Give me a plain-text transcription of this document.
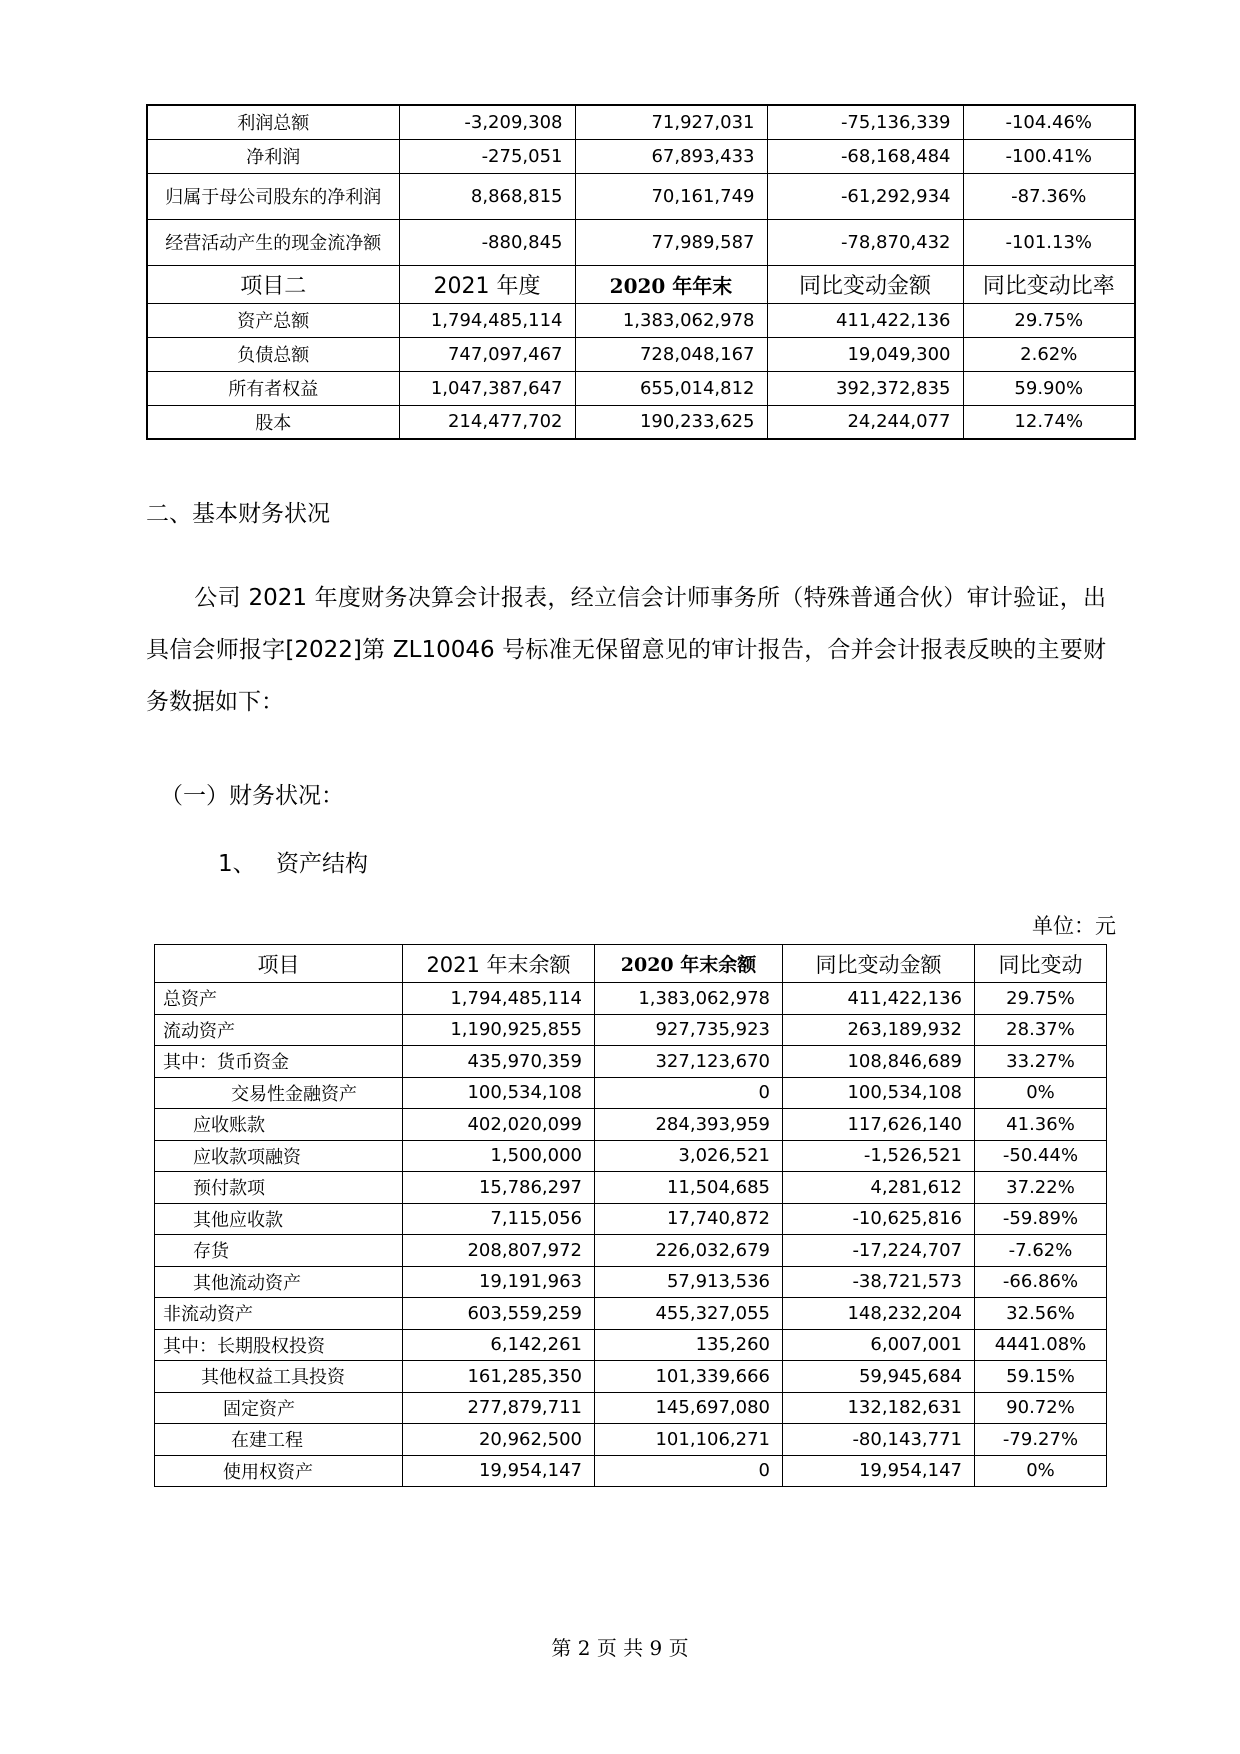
利润总额	-3,209,308	71,927,031	-75,136,339	-104.46%
净利润	-275,051	67,893,433	-68,168,484	-100.41%
归属于母公司股东的净利润	8,868,815	70,161,749	-61,292,934	-87.36%
经营活动产生的现金流净额	-880,845	77,989,587	-78,870,432	-101.13%
项目二	2021 年度	2020 年年末	同比变动金额	同比变动比率
资产总额	1,794,485,114	1,383,062,978	411,422,136	29.75%
负债总额	747,097,467	728,048,167	19,049,300	2.62%
所有者权益	1,047,387,647	655,014,812	392,372,835	59.90%
股本	214,477,702	190,233,625	24,244,077	12.74%
二、基本财务状况
公司 2021 年度财务决算会计报表，经立信会计师事务所（特殊普通合伙）审计验证，出具信会师报字[2022]第 ZL10046 号标准无保留意见的审计报告，合并会计报表反映的主要财务数据如下：
（一）财务状况：
1、 资产结构
单位：元
项目	2021 年末余额	2020 年末余额	同比变动金额	同比变动
总资产	1,794,485,114	1,383,062,978	411,422,136	29.75%
流动资产	1,190,925,855	927,735,923	263,189,932	28.37%
其中：货币资金	435,970,359	327,123,670	108,846,689	33.27%
交易性金融资产	100,534,108	0	100,534,108	0%
应收账款	402,020,099	284,393,959	117,626,140	41.36%
应收款项融资	1,500,000	3,026,521	-1,526,521	-50.44%
预付款项	15,786,297	11,504,685	4,281,612	37.22%
其他应收款	7,115,056	17,740,872	-10,625,816	-59.89%
存货	208,807,972	226,032,679	-17,224,707	-7.62%
其他流动资产	19,191,963	57,913,536	-38,721,573	-66.86%
非流动资产	603,559,259	455,327,055	148,232,204	32.56%
其中：长期股权投资	6,142,261	135,260	6,007,001	4441.08%
其他权益工具投资	161,285,350	101,339,666	59,945,684	59.15%
固定资产	277,879,711	145,697,080	132,182,631	90.72%
在建工程	20,962,500	101,106,271	-80,143,771	-79.27%
使用权资产	19,954,147	0	19,954,147	0%
第 2 页 共 9 页
